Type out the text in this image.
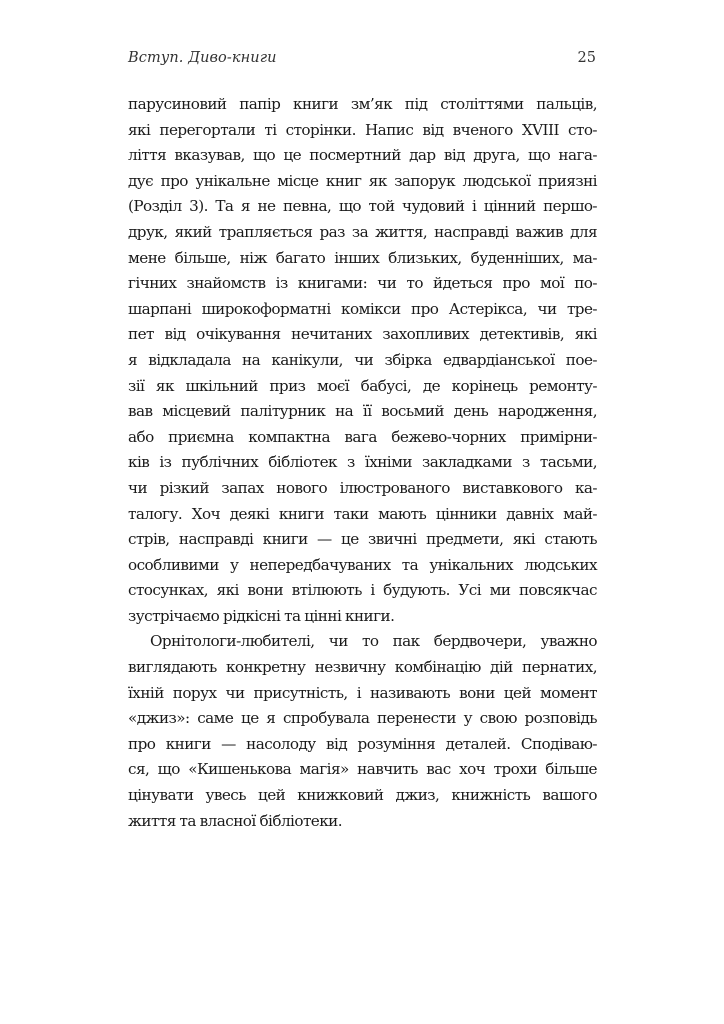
Вступ. Диво-книги	25
парусиновий папір книги зм’як під століттями пальців,
які перегортали ті сторінки. Напис від вченого XVIII сто-
ліття вказував, що це посмертний дар від друга, що нага-
дує про унікальне місце книг як запорук людської приязні
(Розділ 3). Та я не певна, що той чудовий і цінний першо-
друк, який трапляється раз за життя, насправді важив для
мене більше, ніж багато інших близьких, буденніших, ма-
гічних знайомств із книгами: чи то йдеться про мої по-
шарпані широкоформатні комікси про Астерікса, чи тре-
пет від очікування нечитаних захопливих детективів, які
я відкладала на канікули, чи збірка едвардіанської пое-
зії як шкільний приз моєї бабусі, де корінець ремонту-
вав місцевий палітурник на її восьмий день народження,
або приємна компактна вага бежево-чорних примірни-
ків із публічних бібліотек з їхніми закладками з тасьми,
чи різкий запах нового ілюстрованого виставкового ка-
талогу. Хоч деякі книги таки мають цінники давніх май-
стрів, насправді книги — це звичні предмети, які стають
особливими у непередбачуваних та унікальних людських
стосунках, які вони втілюють і будують. Усі ми повсякчас
зустрічаємо рідкісні та цінні книги.
Орнітологи-любителі, чи то пак бердвочери, уважно
виглядають конкретну незвичну комбінацію дій пернатих,
їхній порух чи присутність, і називають вони цей момент
«джиз»: саме це я спробувала перенести у свою розповідь
про книги — насолоду від розуміння деталей. Сподіваю-
ся, що «Кишенькова магія» навчить вас хоч трохи більше
цінувати увесь цей книжковий джиз, книжність вашого
життя та власної бібліотеки.
